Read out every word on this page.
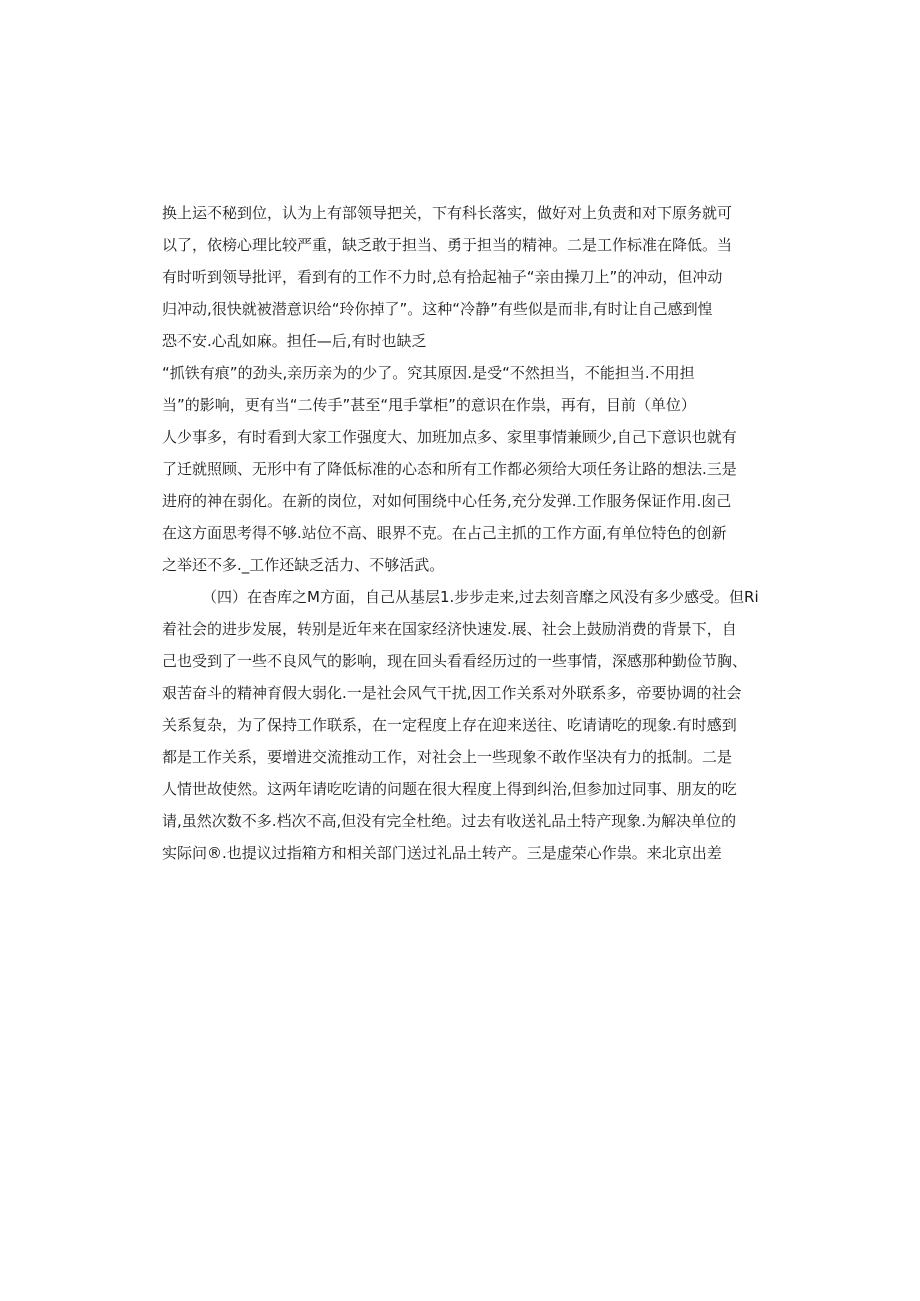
换上运不秘到位，认为上有部领导把关，下有科长落实，做好对上负责和对下原务就可
以了，依榜心理比较严重，缺乏敢于担当、勇于担当的精神。二是工作标准在降低。当
有时听到领导批评，看到有的工作不力时,总有拾起袖子“亲由操刀上”的冲动，但冲动
归冲动,很快就被潜意识给“玲你掉了”。这种“冷静”有些似是而非,有时让自己感到惶
恐不安.心乱如麻。担任—后,有时也缺乏
“抓铁有痕”的劲头,亲历亲为的少了。究其原因.是受“不然担当，不能担当.不用担
当”的影响，更有当“二传手”甚至“甩手掌柜”的意识在作祟，再有，目前（单位）
人少事多，有时看到大家工作强度大、加班加点多、家里事情兼顾少,自己下意识也就有
了迁就照顾、无形中有了降低标准的心态和所有工作都必须给大项任务让路的想法.三是
进府的神在弱化。在新的岗位，对如何围绕中心任务,充分发弹.工作服务保证作用.囱己
在这方面思考得不够.站位不高、眼界不克。在占己主抓的工作方面,有单位特色的创新
之举还不多._工作还缺乏活力、不够活武。
（四）在杳库之M方面，自己从基层1.步步走来,过去刻音靡之风没有多少感受。但Ri
着社会的进步发展，转别是近年来在国家经济快速发.展、社会上鼓励消费的背景下，自
己也受到了一些不良风气的影响，现在回头看看经历过的一些事情，深感那种勤俭节胸、
艰苦奋斗的精神育假大弱化.一是社会风气干扰,因工作关系对外联系多，帝要协调的社会
关系复杂，为了保持工作联系，在一定程度上存在迎来送往、吃请请吃的现象.有时感到
都是工作关系，要增进交流推动工作，对社会上一些现象不敢作坚决有力的抵制。二是
人情世故使然。这两年请吃吃请的问题在很大程度上得到纠治,但参加过同事、朋友的吃
请,虽然次数不多.档次不高,但没有完全杜绝。过去有收送礼品土特产现象.为解决单位的
实际问®.也提议过指箱方和相关部门送过礼品土转产。三是虚荣心作祟。来北京出差
